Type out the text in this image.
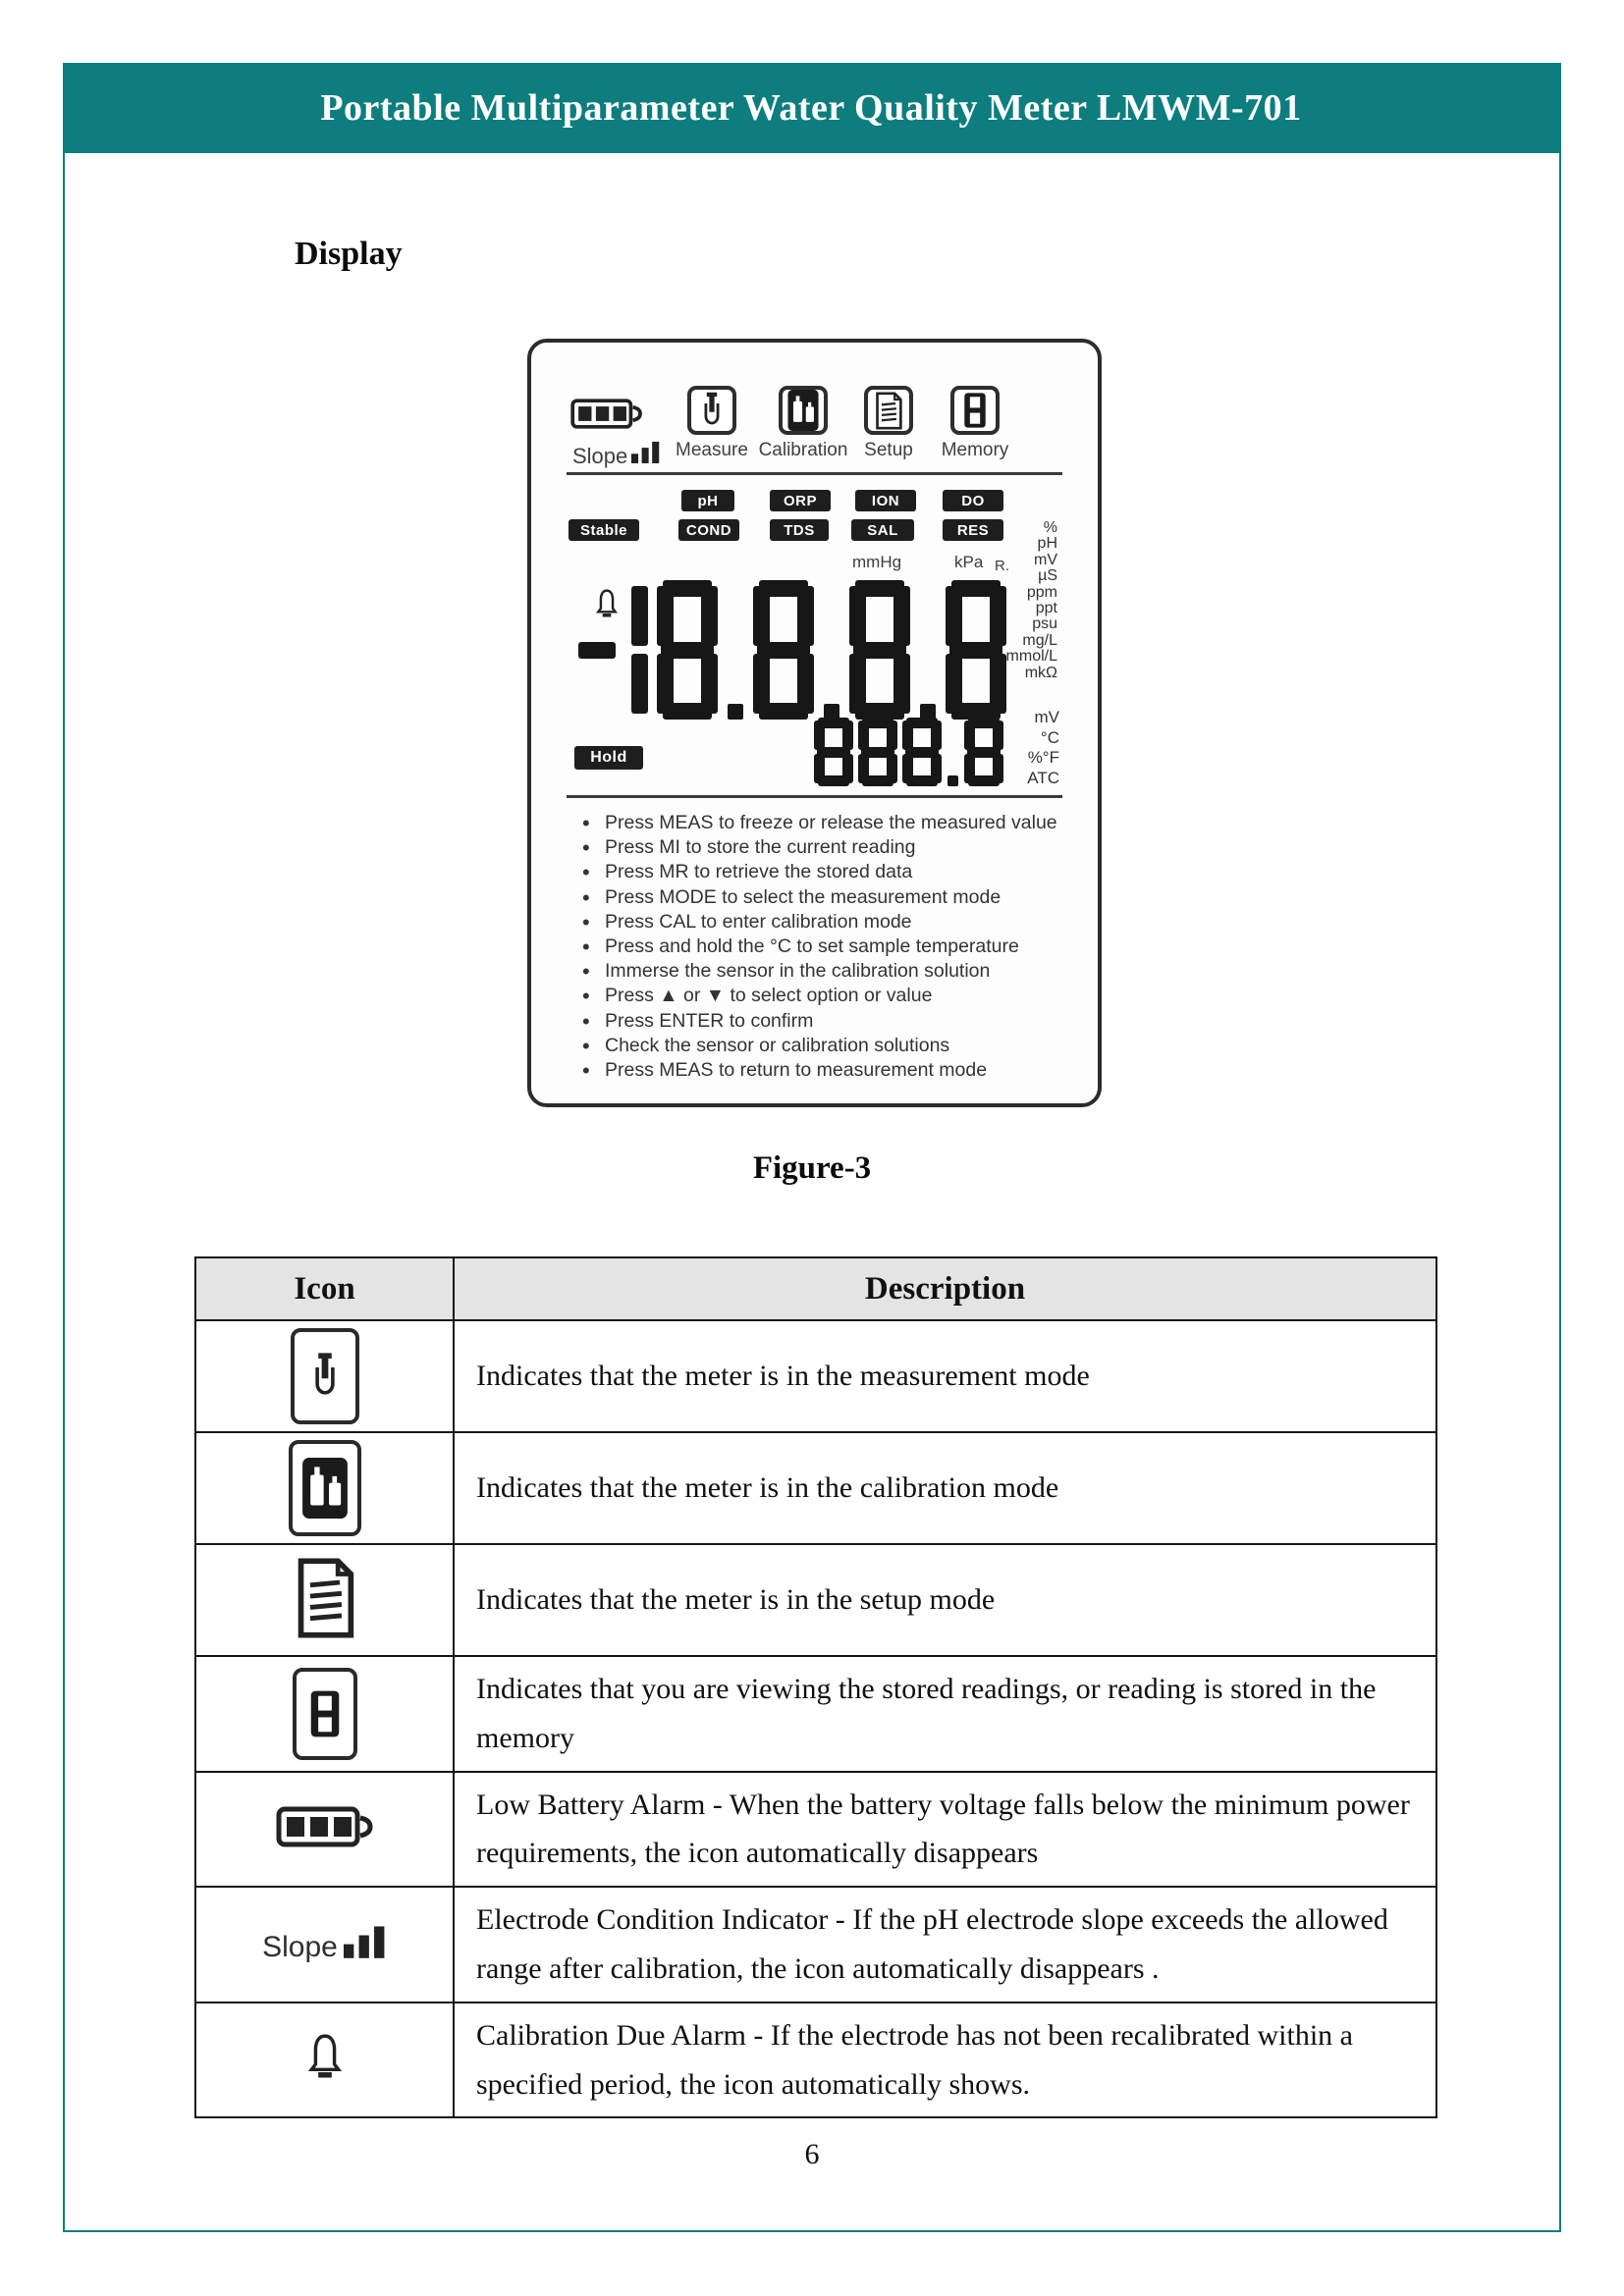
Portable Multiparameter Water Quality Meter LMWM-701
Display
Slope	Measure Calibration Setup	Memory
Stable
pH	ORP	ION	DO
COND	TDS	SAL	RES
mmHg	kPa R.
%
pH
mV
µS
ppm
ppt
psu
mg/L
mmol/L
mkΩ
Hold
mV
°C
%°F
ATC
• Press MEAS to freeze or release the measured value
• Press MI to store the current reading
• Press MR to retrieve the stored data
• Press MODE to select the measurement mode
• Press CAL to enter calibration mode
• Press and hold the °C to set sample temperature
• Immerse the sensor in the calibration solution
• Press ▲ or ▼ to select option or value
• Press ENTER to confirm
• Check the sensor or calibration solutions
• Press MEAS to return to measurement mode
Figure-3
Icon	Description

	Indicates that the meter is in the measurement mode

	Indicates that the meter is in the calibration mode
	Indicates that the meter is in the setup mode

	Indicates that you are viewing the stored readings, or reading is stored in the memory
	Low Battery Alarm - When the battery voltage falls below the minimum power requirements, the icon automatically disappears

Slope	Electrode Condition Indicator - If the pH electrode slope exceeds the allowed range after calibration, the icon automatically disappears .
	Calibration Due Alarm - If the electrode has not been recalibrated within a specified period, the icon automatically shows.
6
